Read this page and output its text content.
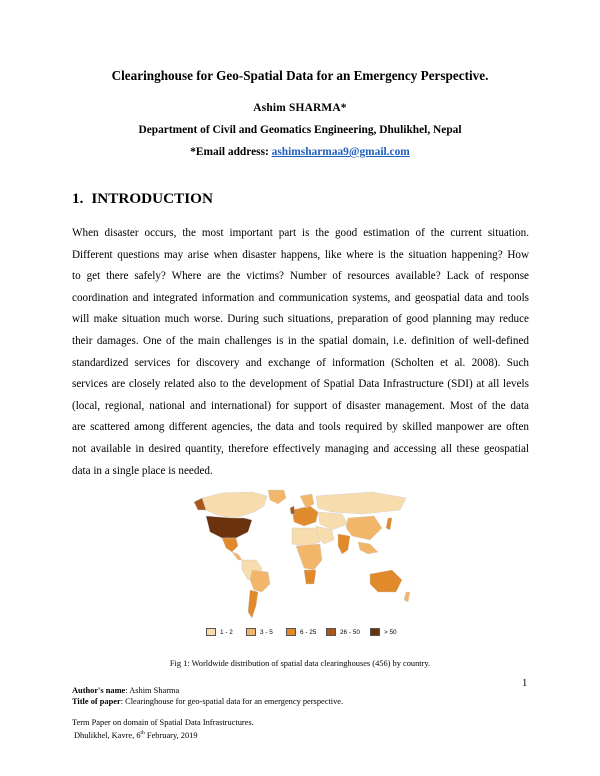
Clearinghouse for Geo-Spatial Data for an Emergency Perspective.
Ashim SHARMA*
Department of Civil and Geomatics Engineering, Dhulikhel, Nepal
*Email address: ashimsharmaa9@gmail.com
1. INTRODUCTION
When disaster occurs, the most important part is the good estimation of the current situation.
Different questions may arise when disaster happens, like where is the situation happening? How
to get there safely? Where are the victims? Number of resources available? Lack of response
coordination and integrated information and communication systems, and geospatial data and tools
will make situation much worse. During such situations, preparation of good planning may reduce
their damages. One of the main challenges is in the spatial domain, i.e. definition of well-defined
standardized services for discovery and exchange of information (Scholten et al. 2008). Such
services are closely related also to the development of Spatial Data Infrastructure (SDI) at all levels
(local, regional, national and international) for support of disaster management. Most of the data
are scattered among different agencies, the data and tools required by skilled manpower are often
not available in desired quantity, therefore effectively managing and accessing all these geospatial
data in a single place is needed.
1 - 2	3 - 5	6 - 25	26 - 50	> 50
Fig 1: Worldwide distribution of spatial data clearinghouses (456) by country.
1
Author's name: Ashim Sharma
Title of paper: Clearinghouse for geo-spatial data for an emergency perspective.
Term Paper on domain of Spatial Data Infrastructures.
Dhulikhel, Kavre, 6th February, 2019
